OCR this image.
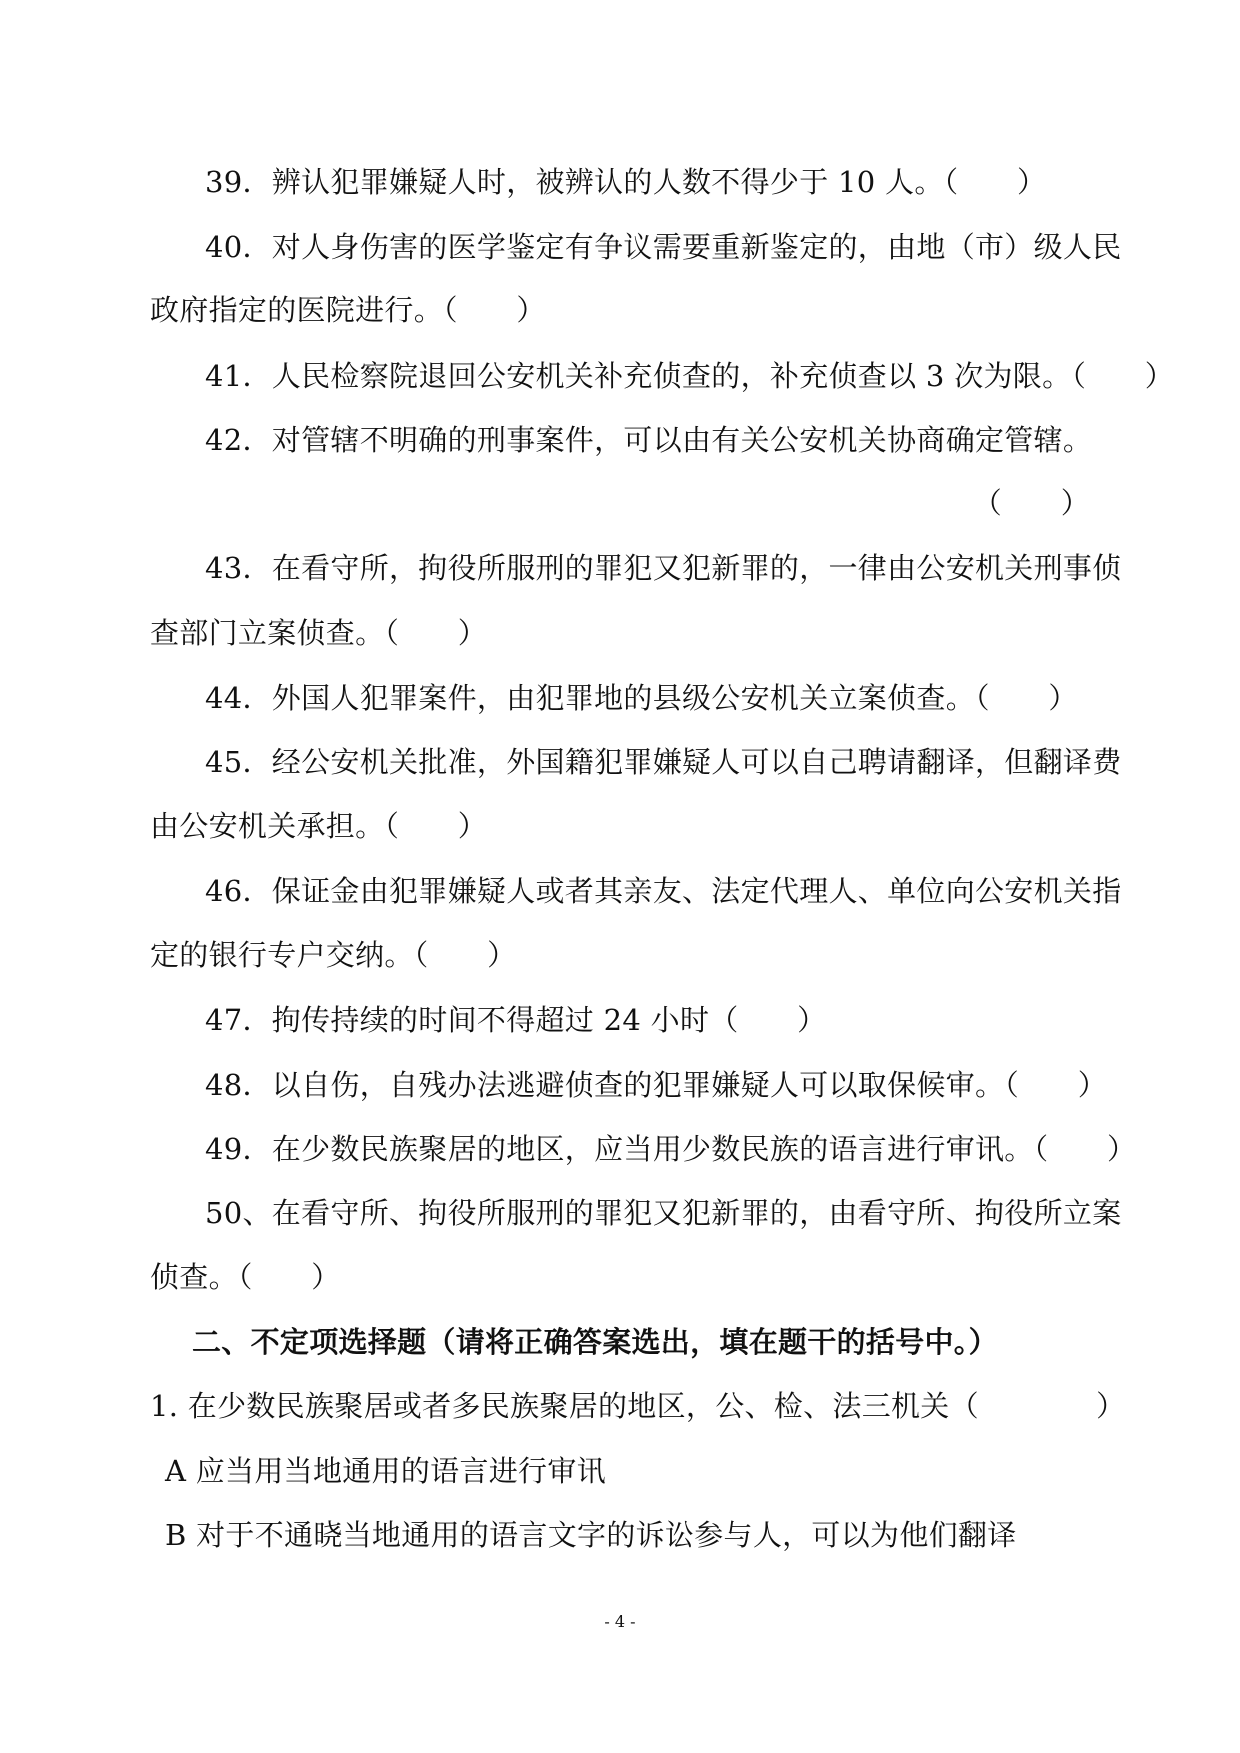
39．辨认犯罪嫌疑人时，被辨认的人数不得少于 10 人。（　　）
40．对人身伤害的医学鉴定有争议需要重新鉴定的，由地（市）级人民
政府指定的医院进行。（　　）
41．人民检察院退回公安机关补充侦查的，补充侦查以 3 次为限。（　　）
42．对管辖不明确的刑事案件，可以由有关公安机关协商确定管辖。
（　　）
43．在看守所，拘役所服刑的罪犯又犯新罪的，一律由公安机关刑事侦
查部门立案侦查。（　　）
44．外国人犯罪案件，由犯罪地的县级公安机关立案侦查。（　　）
45．经公安机关批准，外国籍犯罪嫌疑人可以自己聘请翻译，但翻译费
由公安机关承担。（　　）
46．保证金由犯罪嫌疑人或者其亲友、法定代理人、单位向公安机关指
定的银行专户交纳。（　　）
47．拘传持续的时间不得超过 24 小时（　　）
48．以自伤，自残办法逃避侦查的犯罪嫌疑人可以取保候审。（　　）
49．在少数民族聚居的地区，应当用少数民族的语言进行审讯。（　　）
50、在看守所、拘役所服刑的罪犯又犯新罪的，由看守所、拘役所立案
侦查。（　　）
二、不定项选择题（请将正确答案选出，填在题干的括号中。）
1. 在少数民族聚居或者多民族聚居的地区，公、检、法三机关（　　　　）
A 应当用当地通用的语言进行审讯
B 对于不通晓当地通用的语言文字的诉讼参与人，可以为他们翻译
- 4 -
